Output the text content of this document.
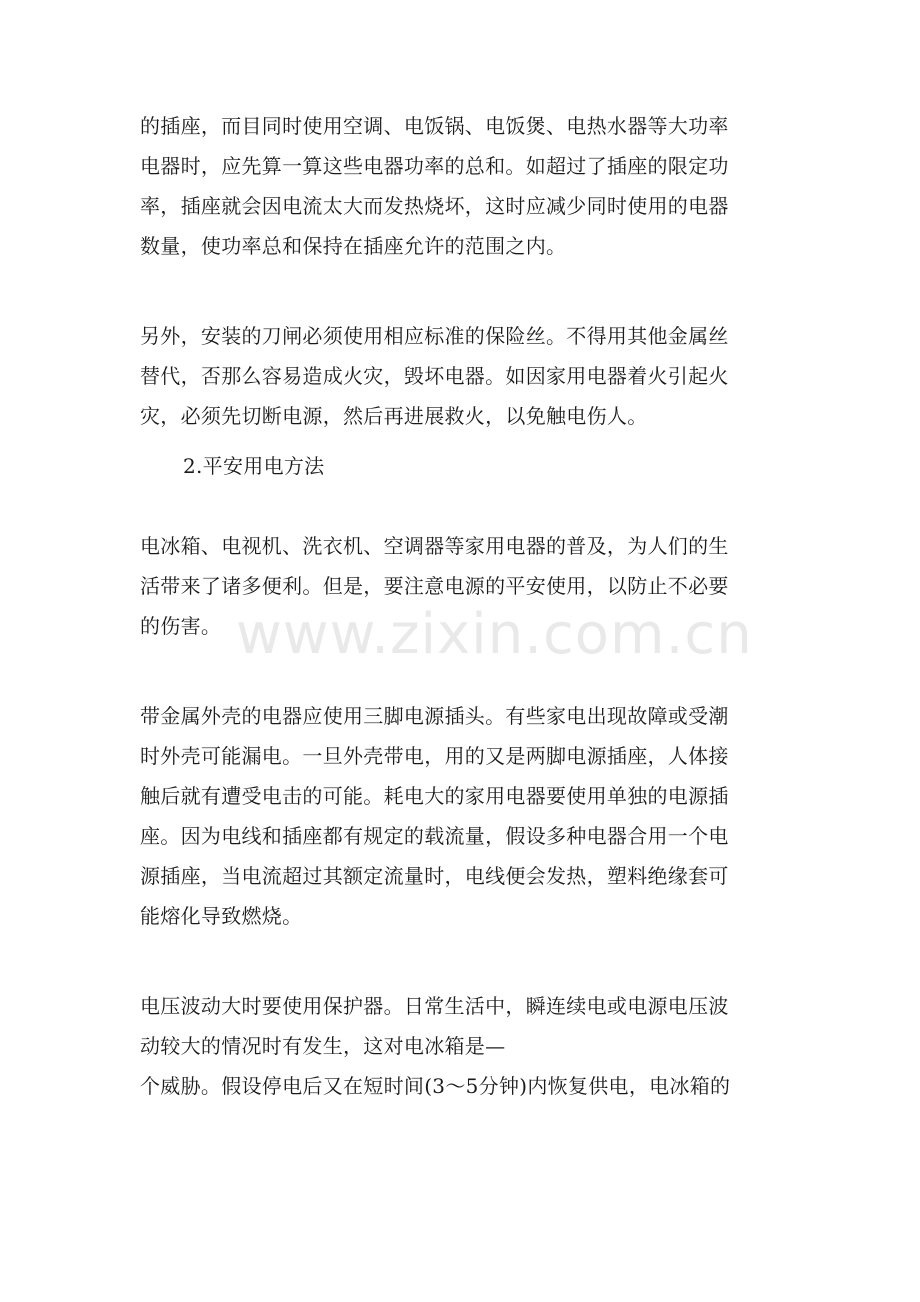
www.zixin.com.cn
的插座，而目同时使用空调、电饭锅、电饭煲、电热水器等大功率
电器时，应先算一算这些电器功率的总和。如超过了插座的限定功
率，插座就会因电流太大而发热烧坏，这时应减少同时使用的电器
数量，使功率总和保持在插座允许的范围之内。
另外，安装的刀闸必须使用相应标准的保险丝。不得用其他金属丝
替代，否那么容易造成火灾，毁坏电器。如因家用电器着火引起火
灾，必须先切断电源，然后再进展救火，以免触电伤人。
2.平安用电方法
电冰箱、电视机、洗衣机、空调器等家用电器的普及，为人们的生
活带来了诸多便利。但是，要注意电源的平安使用，以防止不必要
的伤害。
带金属外壳的电器应使用三脚电源插头。有些家电出现故障或受潮
时外壳可能漏电。一旦外壳带电，用的又是两脚电源插座，人体接
触后就有遭受电击的可能。耗电大的家用电器要使用单独的电源插
座。因为电线和插座都有规定的载流量，假设多种电器合用一个电
源插座，当电流超过其额定流量时，电线便会发热，塑料绝缘套可
能熔化导致燃烧。
电压波动大时要使用保护器。日常生活中，瞬连续电或电源电压波
动较大的情况时有发生，这对电冰箱是—
个威胁。假设停电后又在短时间(3～5分钟)内恢复供电，电冰箱的
